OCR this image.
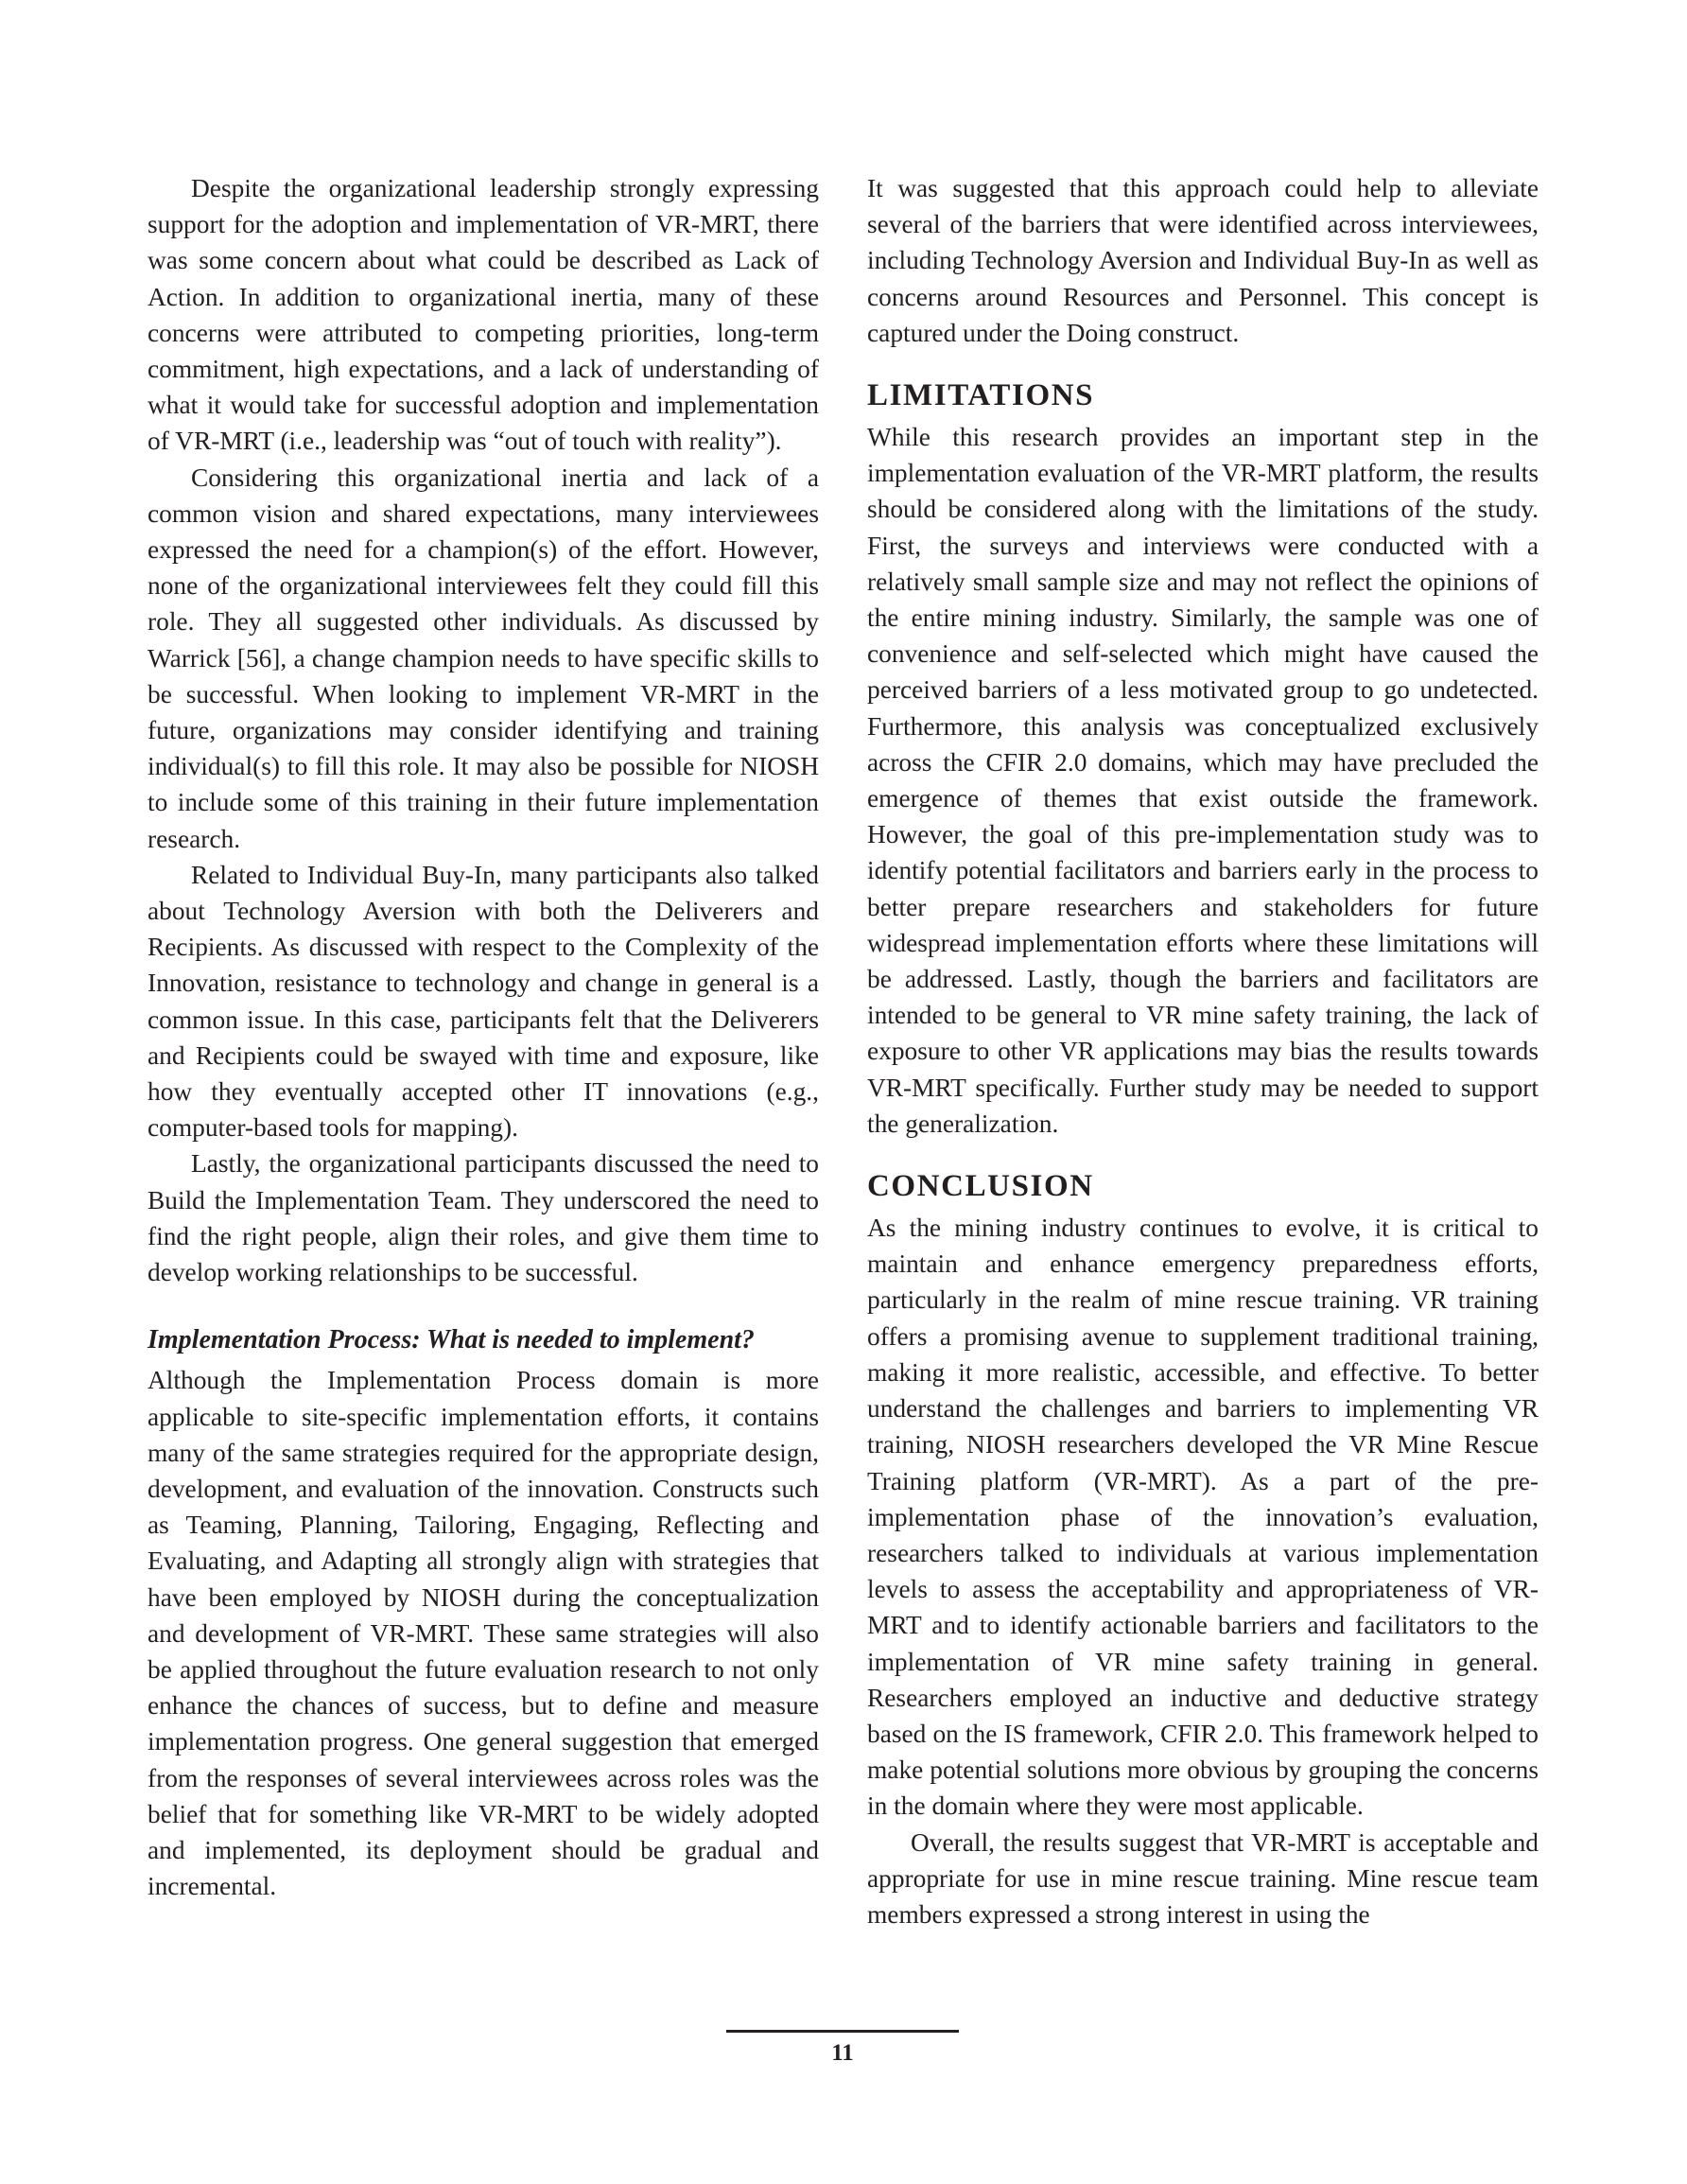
Despite the organizational leadership strongly expressing support for the adoption and implementation of VR-MRT, there was some concern about what could be described as Lack of Action. In addition to organizational inertia, many of these concerns were attributed to competing priorities, long-term commitment, high expectations, and a lack of understanding of what it would take for successful adoption and implementation of VR-MRT (i.e., leadership was “out of touch with reality”).

Considering this organizational inertia and lack of a common vision and shared expectations, many interviewees expressed the need for a champion(s) of the effort. However, none of the organizational interviewees felt they could fill this role. They all suggested other individuals. As discussed by Warrick [56], a change champion needs to have specific skills to be successful. When looking to implement VR-MRT in the future, organizations may consider identifying and training individual(s) to fill this role. It may also be possible for NIOSH to include some of this training in their future implementation research.

Related to Individual Buy-In, many participants also talked about Technology Aversion with both the Deliverers and Recipients. As discussed with respect to the Complexity of the Innovation, resistance to technology and change in general is a common issue. In this case, participants felt that the Deliverers and Recipients could be swayed with time and exposure, like how they eventually accepted other IT innovations (e.g., computer-based tools for mapping).

Lastly, the organizational participants discussed the need to Build the Implementation Team. They underscored the need to find the right people, align their roles, and give them time to develop working relationships to be successful.

Implementation Process: What is needed to implement?

Although the Implementation Process domain is more applicable to site-specific implementation efforts, it contains many of the same strategies required for the appropriate design, development, and evaluation of the innovation. Constructs such as Teaming, Planning, Tailoring, Engaging, Reflecting and Evaluating, and Adapting all strongly align with strategies that have been employed by NIOSH during the conceptualization and development of VR-MRT. These same strategies will also be applied throughout the future evaluation research to not only enhance the chances of success, but to define and measure implementation progress. One general suggestion that emerged from the responses of several interviewees across roles was the belief that for something like VR-MRT to be widely adopted and implemented, its deployment should be gradual and incremental.

It was suggested that this approach could help to alleviate several of the barriers that were identified across interviewees, including Technology Aversion and Individual Buy-In as well as concerns around Resources and Personnel. This concept is captured under the Doing construct.

LIMITATIONS

While this research provides an important step in the implementation evaluation of the VR-MRT platform, the results should be considered along with the limitations of the study. First, the surveys and interviews were conducted with a relatively small sample size and may not reflect the opinions of the entire mining industry. Similarly, the sample was one of convenience and self-selected which might have caused the perceived barriers of a less motivated group to go undetected. Furthermore, this analysis was conceptualized exclusively across the CFIR 2.0 domains, which may have precluded the emergence of themes that exist outside the framework. However, the goal of this pre-implementation study was to identify potential facilitators and barriers early in the process to better prepare researchers and stakeholders for future widespread implementation efforts where these limitations will be addressed. Lastly, though the barriers and facilitators are intended to be general to VR mine safety training, the lack of exposure to other VR applications may bias the results towards VR-MRT specifically. Further study may be needed to support the generalization.

CONCLUSION

As the mining industry continues to evolve, it is critical to maintain and enhance emergency preparedness efforts, particularly in the realm of mine rescue training. VR training offers a promising avenue to supplement traditional training, making it more realistic, accessible, and effective. To better understand the challenges and barriers to implementing VR training, NIOSH researchers developed the VR Mine Rescue Training platform (VR-MRT). As a part of the pre-implementation phase of the innovation’s evaluation, researchers talked to individuals at various implementation levels to assess the acceptability and appropriateness of VR-MRT and to identify actionable barriers and facilitators to the implementation of VR mine safety training in general. Researchers employed an inductive and deductive strategy based on the IS framework, CFIR 2.0. This framework helped to make potential solutions more obvious by grouping the concerns in the domain where they were most applicable.

Overall, the results suggest that VR-MRT is acceptable and appropriate for use in mine rescue training. Mine rescue team members expressed a strong interest in using the

11
